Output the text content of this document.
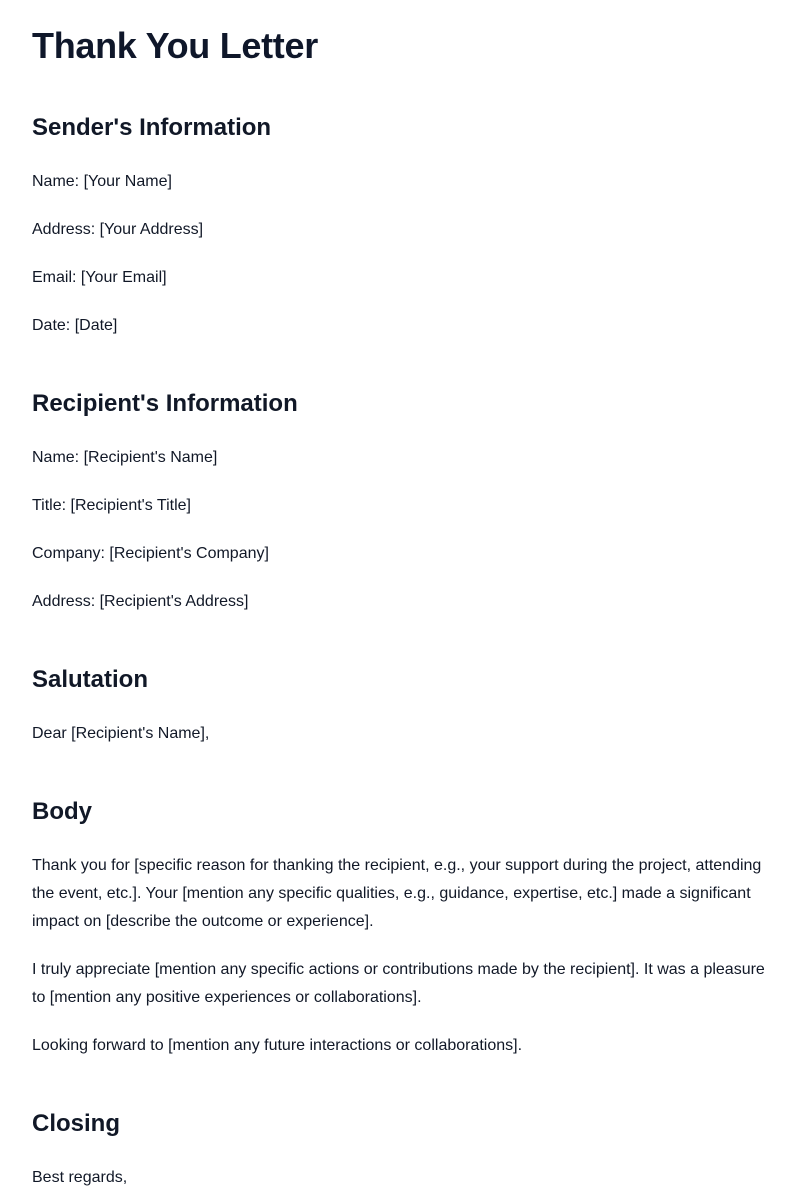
Thank You Letter
Sender's Information

Name: [Your Name]

Address: [Your Address]

Email: [Your Email]

Date: [Date]

Recipient's Information

Name: [Recipient's Name]

Title: [Recipient's Title]

Company: [Recipient's Company]

Address: [Recipient's Address]

Salutation

Dear [Recipient's Name],

Body

Thank you for [specific reason for thanking the recipient, e.g., your support during the project, attending the event, etc.]. Your [mention any specific qualities, e.g., guidance, expertise, etc.] made a significant impact on [describe the outcome or experience].

I truly appreciate [mention any specific actions or contributions made by the recipient]. It was a pleasure to [mention any positive experiences or collaborations].

Looking forward to [mention any future interactions or collaborations].

Closing

Best regards,
